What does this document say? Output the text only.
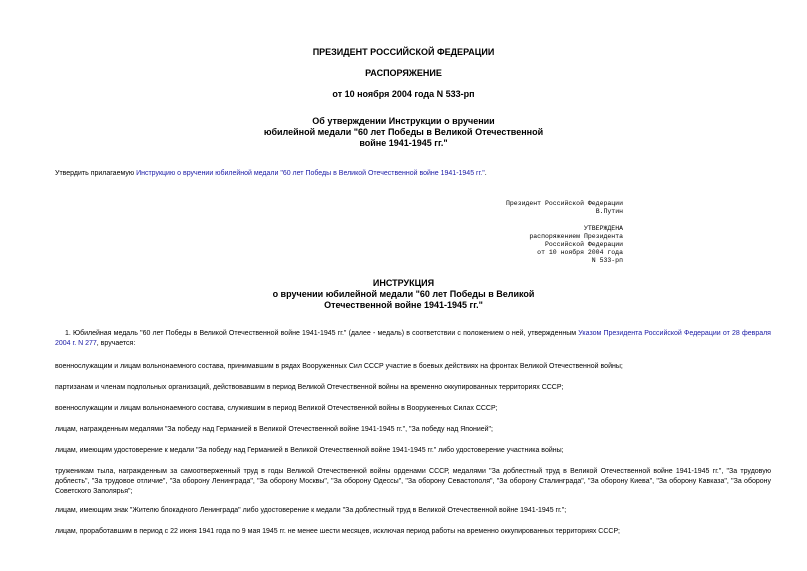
ПРЕЗИДЕНТ РОССИЙСКОЙ ФЕДЕРАЦИИ
РАСПОРЯЖЕНИЕ
от 10 ноября 2004 года N 533-рп
Об утверждении Инструкции о вручении
юбилейной медали "60 лет Победы в Великой Отечественной
войне 1941-1945 гг."
Утвердить прилагаемую Инструкцию о вручении юбилейной медали "60 лет Победы в Великой Отечественной войне 1941-1945 гг.".
Президент Российской Федерации
В.Путин
УТВЕРЖДЕНА
распоряжением Президента
Российской Федерации
от 10 ноября 2004 года
N 533-рп
ИНСТРУКЦИЯ
о вручении юбилейной медали "60 лет Победы в Великой
Отечественной войне 1941-1945 гг."
1. Юбилейная медаль "60 лет Победы в Великой Отечественной войне 1941-1945 гг." (далее - медаль) в соответствии с положением о ней, утвержденным Указом Президента Российской Федерации от 28 февраля 2004 г. N 277, вручается:
военнослужащим и лицам вольнонаемного состава, принимавшим в рядах Вооруженных Сил СССР участие в боевых действиях на фронтах Великой Отечественной войны;
партизанам и членам подпольных организаций, действовавшим в период Великой Отечественной войны на временно оккупированных территориях СССР;
военнослужащим и лицам вольнонаемного состава, служившим в период Великой Отечественной войны в Вооруженных Силах СССР;
лицам, награжденным медалями "За победу над Германией в Великой Отечественной войне 1941-1945 гг.", "За победу над Японией";
лицам, имеющим удостоверение к медали "За победу над Германией в Великой Отечественной войне 1941-1945 гг." либо удостоверение участника войны;
труженикам тыла, награжденным за самоотверженный труд в годы Великой Отечественной войны орденами СССР, медалями "За доблестный труд в Великой Отечественной войне 1941-1945 гг.", "За трудовую доблесть", "За трудовое отличие", "За оборону Ленинграда", "За оборону Москвы", "За оборону Одессы", "За оборону Севастополя", "За оборону Сталинграда", "За оборону Киева", "За оборону Кавказа", "За оборону Советского Заполярья";
лицам, имеющим знак "Жителю блокадного Ленинграда" либо удостоверение к медали "За доблестный труд в Великой Отечественной войне 1941-1945 гг.";
лицам, проработавшим в период с 22 июня 1941 года по 9 мая 1945 гг. не менее шести месяцев, исключая период работы на временно оккупированных территориях СССР;
